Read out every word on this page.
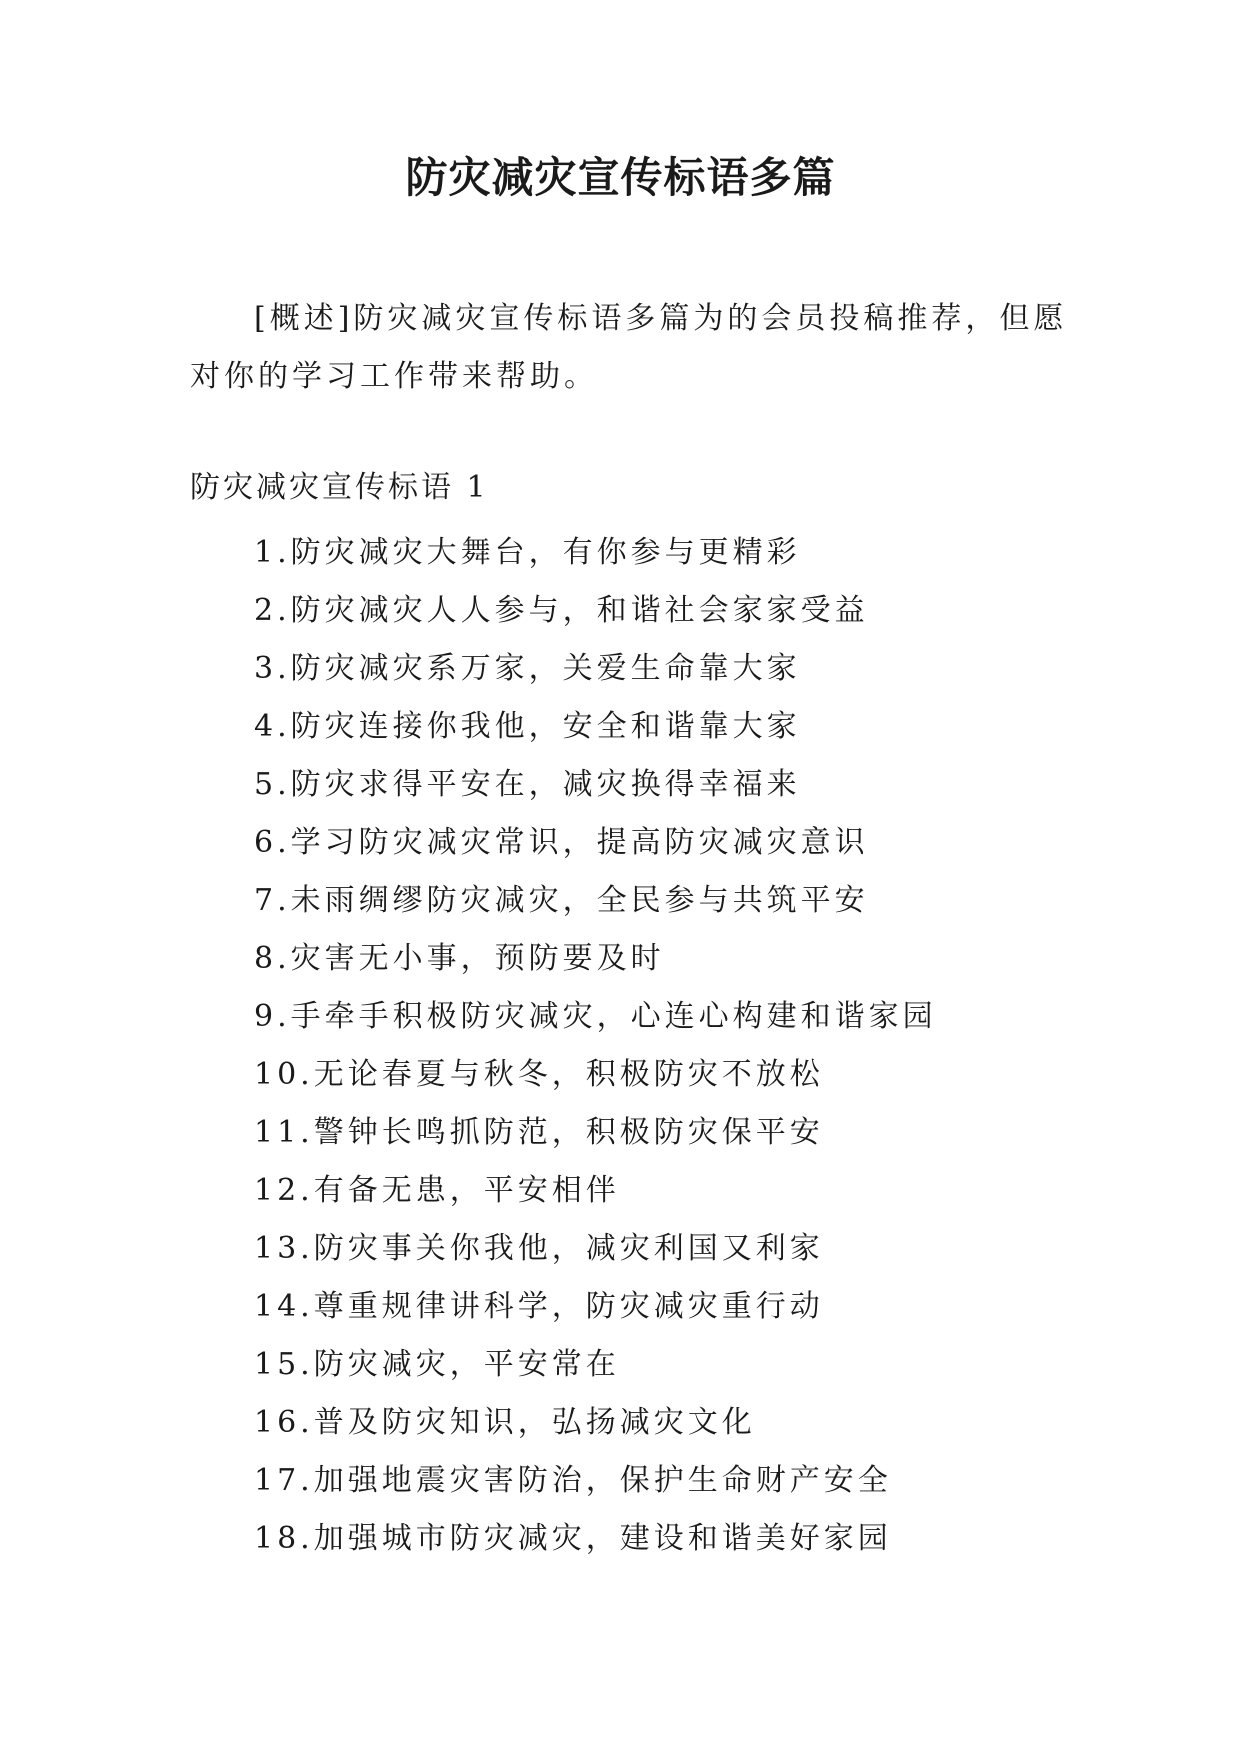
防灾减灾宣传标语多篇

[概述]防灾减灾宣传标语多篇为的会员投稿推荐，但愿对你的学习工作带来帮助。

防灾减灾宣传标语 1

1.防灾减灾大舞台，有你参与更精彩
2.防灾减灾人人参与，和谐社会家家受益
3.防灾减灾系万家，关爱生命靠大家
4.防灾连接你我他，安全和谐靠大家
5.防灾求得平安在，减灾换得幸福来
6.学习防灾减灾常识，提高防灾减灾意识
7.未雨绸缪防灾减灾，全民参与共筑平安
8.灾害无小事，预防要及时
9.手牵手积极防灾减灾，心连心构建和谐家园
10.无论春夏与秋冬，积极防灾不放松
11.警钟长鸣抓防范，积极防灾保平安
12.有备无患，平安相伴
13.防灾事关你我他，减灾利国又利家
14.尊重规律讲科学，防灾减灾重行动
15.防灾减灾，平安常在
16.普及防灾知识，弘扬减灾文化
17.加强地震灾害防治，保护生命财产安全
18.加强城市防灾减灾，建设和谐美好家园
